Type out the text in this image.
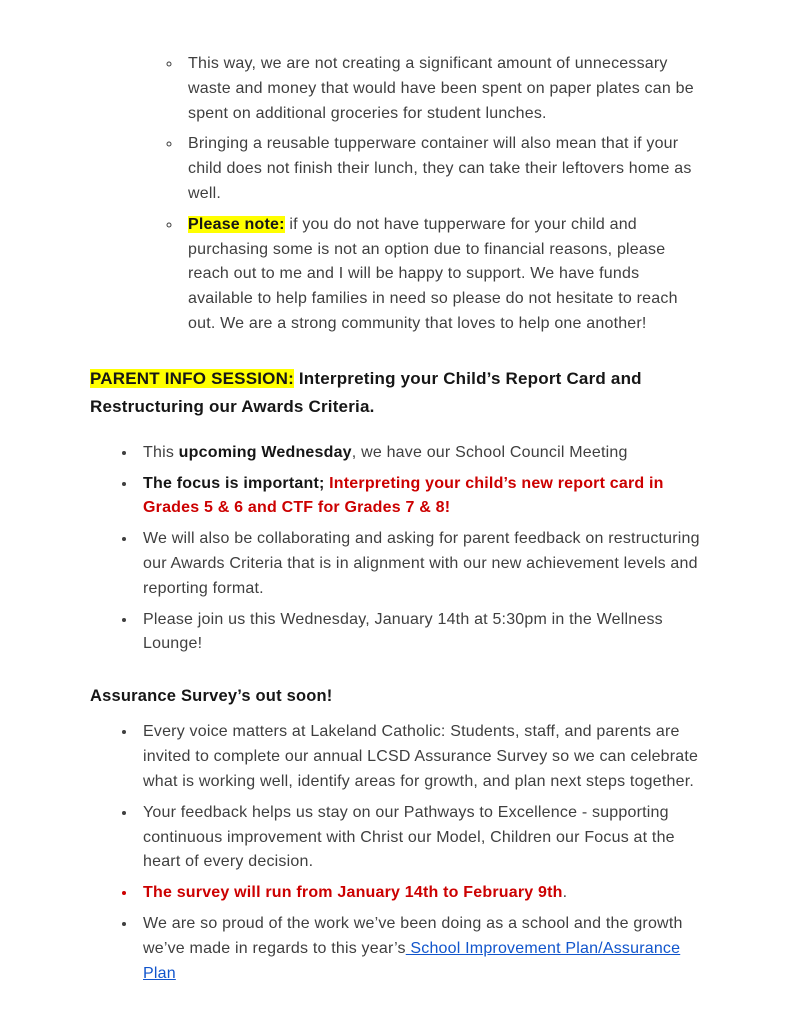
◦ This way, we are not creating a significant amount of unnecessary waste and money that would have been spent on paper plates can be spent on additional groceries for student lunches.
◦ Bringing a reusable tupperware container will also mean that if your child does not finish their lunch, they can take their leftovers home as well.
◦ Please note: if you do not have tupperware for your child and purchasing some is not an option due to financial reasons, please reach out to me and I will be happy to support. We have funds available to help families in need so please do not hesitate to reach out. We are a strong community that loves to help one another!
PARENT INFO SESSION: Interpreting your Child’s Report Card and Restructuring our Awards Criteria.
• This upcoming Wednesday, we have our School Council Meeting
• The focus is important; Interpreting your child’s new report card in Grades 5 & 6 and CTF for Grades 7 & 8!
• We will also be collaborating and asking for parent feedback on restructuring our Awards Criteria that is in alignment with our new achievement levels and reporting format.
• Please join us this Wednesday, January 14th at 5:30pm in the Wellness Lounge!
Assurance Survey’s out soon!
• Every voice matters at Lakeland Catholic: Students, staff, and parents are invited to complete our annual LCSD Assurance Survey so we can celebrate what is working well, identify areas for growth, and plan next steps together.
• Your feedback helps us stay on our Pathways to Excellence - supporting continuous improvement with Christ our Model, Children our Focus at the heart of every decision.
• The survey will run from January 14th to February 9th.
• We are so proud of the work we’ve been doing as a school and the growth we’ve made in regards to this year’s School Improvement Plan/Assurance Plan
